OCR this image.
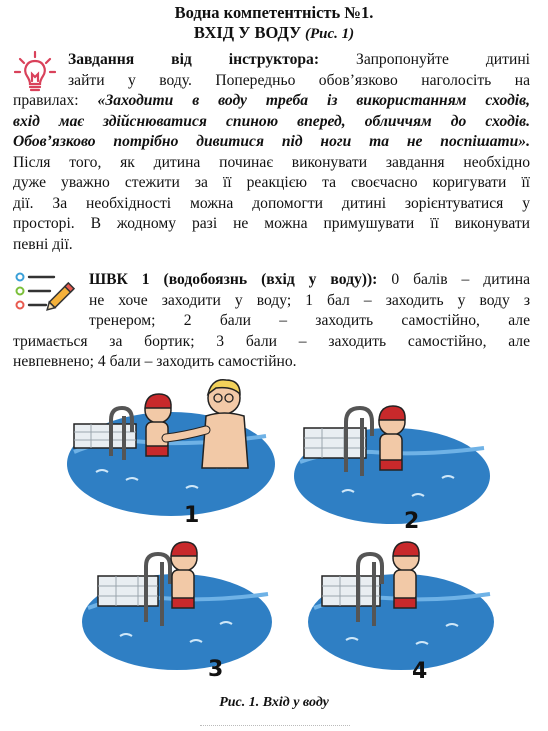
Водна компетентність №1.
ВХІД У ВОДУ (Рис. 1)
Завдання від інструктора: Запропонуйте дитині
зайти у воду. Попередньо обов’язково наголосіть на
правилах: «Заходити в воду треба із використанням сходів,
вхід має здійснюватися спиною вперед, обличчям до сходів.
Обов’язково потрібно дивитися під ноги та не поспішати».
Після того, як дитина починає виконувати завдання необхідно
дуже уважно стежити за її реакцією та своєчасно коригувати її
дії. За необхідності можна допомогти дитині зорієнтуватися у
просторі. В жодному разі не можна примушувати її виконувати
певні дії.
ШВК 1 (водобоязнь (вхід у воду)): 0 балів – дитина
не хоче заходити у воду; 1 бал – заходить у воду з
тренером; 2 бали – заходить самостійно, але
тримається за бортик; 3 бали – заходить самостійно, але
невпевнено; 4 бали – заходить самостійно.
1	2
3	4
Рис. 1. Вхід у воду
